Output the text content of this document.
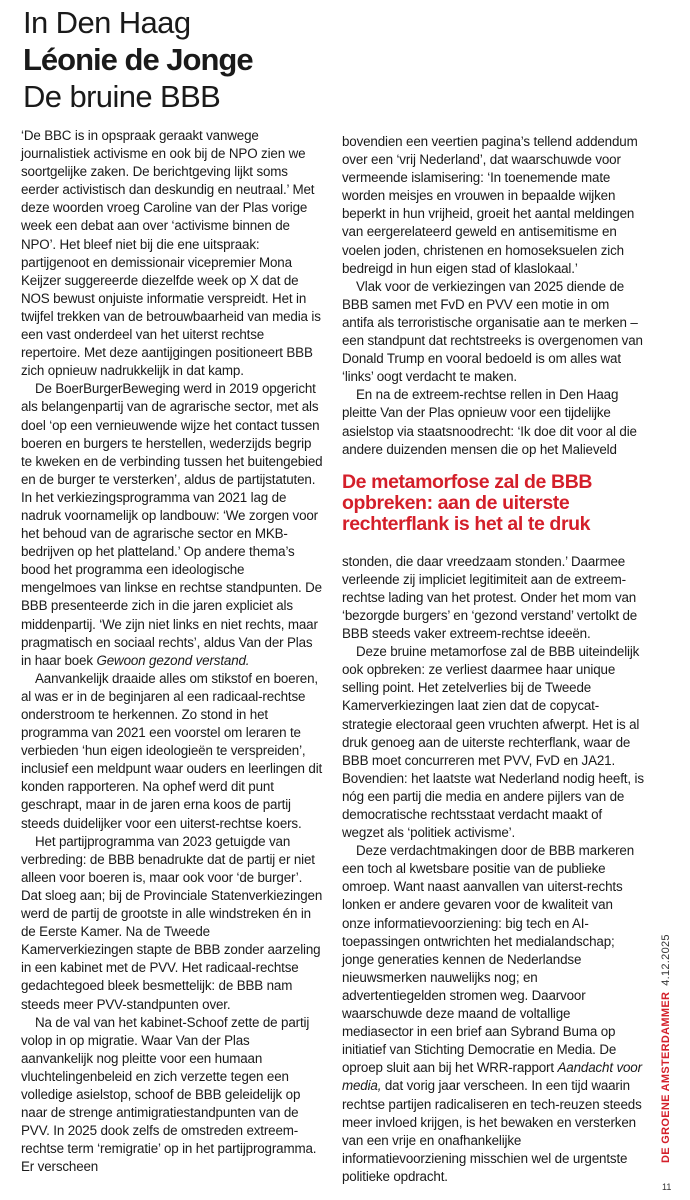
In Den Haag
Léonie de Jonge
De bruine BBB

‘De BBC is in opspraak geraakt vanwege journalistiek activisme en ook bij de NPO zien we soortgelijke zaken. De berichtgeving lijkt soms eerder activistisch dan deskundig en neutraal.’ Met deze woorden vroeg Caroline van der Plas vorige week een debat aan over ‘activisme binnen de NPO’. Het bleef niet bij die ene uitspraak: partijgenoot en demissionair vicepremier Mona Keijzer suggereerde diezelfde week op X dat de NOS bewust onjuiste informatie verspreidt. Het in twijfel trekken van de betrouwbaarheid van media is een vast onderdeel van het uiterst rechtse repertoire. Met deze aantijgingen positioneert BBB zich opnieuw nadrukkelijk in dat kamp.

De BoerBurgerBeweging werd in 2019 opgericht als belangenpartij van de agrarische sector, met als doel ‘op een vernieuwende wijze het contact tussen boeren en burgers te herstellen, wederzijds begrip te kweken en de verbinding tussen het buitengebied en de burger te versterken’, aldus de partijstatuten. In het verkiezingsprogramma van 2021 lag de nadruk voornamelijk op landbouw: ‘We zorgen voor het behoud van de agrarische sector en MKB-bedrijven op het platteland.’ Op andere thema’s bood het programma een ideologische mengelmoes van linkse en rechtse standpunten. De BBB presenteerde zich in die jaren expliciet als middenpartij. ‘We zijn niet links en niet rechts, maar pragmatisch en sociaal rechts’, aldus Van der Plas in haar boek Gewoon gezond verstand.

Aanvankelijk draaide alles om stikstof en boeren, al was er in de beginjaren al een radicaal-rechtse onderstroom te herkennen. Zo stond in het programma van 2021 een voorstel om leraren te verbieden ‘hun eigen ideologieën te verspreiden’, inclusief een meldpunt waar ouders en leerlingen dit konden rapporteren. Na ophef werd dit punt geschrapt, maar in de jaren erna koos de partij steeds duidelijker voor een uiterst-rechtse koers.

Het partijprogramma van 2023 getuigde van verbreding: de BBB benadrukte dat de partij er niet alleen voor boeren is, maar ook voor ‘de burger’. Dat sloeg aan; bij de Provinciale Statenverkiezingen werd de partij de grootste in alle windstreken én in de Eerste Kamer. Na de Tweede Kamerverkiezingen stapte de BBB zonder aarzeling in een kabinet met de PVV. Het radicaal-rechtse gedachtegoed bleek besmettelijk: de BBB nam steeds meer PVV-standpunten over.

Na de val van het kabinet-Schoof zette de partij volop in op migratie. Waar Van der Plas aanvankelijk nog pleitte voor een humaan vluchtelingenbeleid en zich verzette tegen een volledige asielstop, schoof de BBB geleidelijk op naar de strenge antimigratiestandpunten van de PVV. In 2025 dook zelfs de omstreden extreem-rechtse term ‘remigratie’ op in het partijprogramma. Er verscheen

bovendien een veertien pagina’s tellend addendum over een ‘vrij Nederland’, dat waarschuwde voor vermeende islamisering: ‘In toenemende mate worden meisjes en vrouwen in bepaalde wijken beperkt in hun vrijheid, groeit het aantal meldingen van eergerelateerd geweld en antisemitisme en voelen joden, christenen en homoseksuelen zich bedreigd in hun eigen stad of klaslokaal.’

Vlak voor de verkiezingen van 2025 diende de BBB samen met FvD en PVV een motie in om antifa als terroristische organisatie aan te merken – een standpunt dat rechtstreeks is overgenomen van Donald Trump en vooral bedoeld is om alles wat ‘links’ oogt verdacht te maken.

En na de extreem-rechtse rellen in Den Haag pleitte Van der Plas opnieuw voor een tijdelijke asielstop via staatsnoodrecht: ‘Ik doe dit voor al die andere duizenden mensen die op het Malieveld

De metamorfose zal de BBB opbreken: aan de uiterste rechterflank is het al te druk

stonden, die daar vreedzaam stonden.’ Daarmee verleende zij impliciet legitimiteit aan de extreem-rechtse lading van het protest. Onder het mom van ‘bezorgde burgers’ en ‘gezond verstand’ vertolkt de BBB steeds vaker extreem-rechtse ideeën.

Deze bruine metamorfose zal de BBB uiteindelijk ook opbreken: ze verliest daarmee haar unique selling point. Het zetelverlies bij de Tweede Kamerverkiezingen laat zien dat de copycat-strategie electoraal geen vruchten afwerpt. Het is al druk genoeg aan de uiterste rechterflank, waar de BBB moet concurreren met PVV, FvD en JA21. Bovendien: het laatste wat Nederland nodig heeft, is nóg een partij die media en andere pijlers van de democratische rechtsstaat verdacht maakt of wegzet als ‘politiek activisme’.

Deze verdachtmakingen door de BBB markeren een toch al kwetsbare positie van de publieke omroep. Want naast aanvallen van uiterst-rechts lonken er andere gevaren voor de kwaliteit van onze informatievoorziening: big tech en AI-toepassingen ontwrichten het medialandschap; jonge generaties kennen de Nederlandse nieuwsmerken nauwelijks nog; en advertentiegelden stromen weg. Daarvoor waarschuwde deze maand de voltallige mediasector in een brief aan Sybrand Buma op initiatief van Stichting Democratie en Media. De oproep sluit aan bij het WRR-rapport Aandacht voor media, dat vorig jaar verscheen. In een tijd waarin rechtse partijen radicaliseren en tech-reuzen steeds meer invloed krijgen, is het bewaken en versterken van een vrije en onafhankelijke informatievoorziening misschien wel de urgentste politieke opdracht.

DE GROENE AMSTERDAMMER4.12.2025
11
